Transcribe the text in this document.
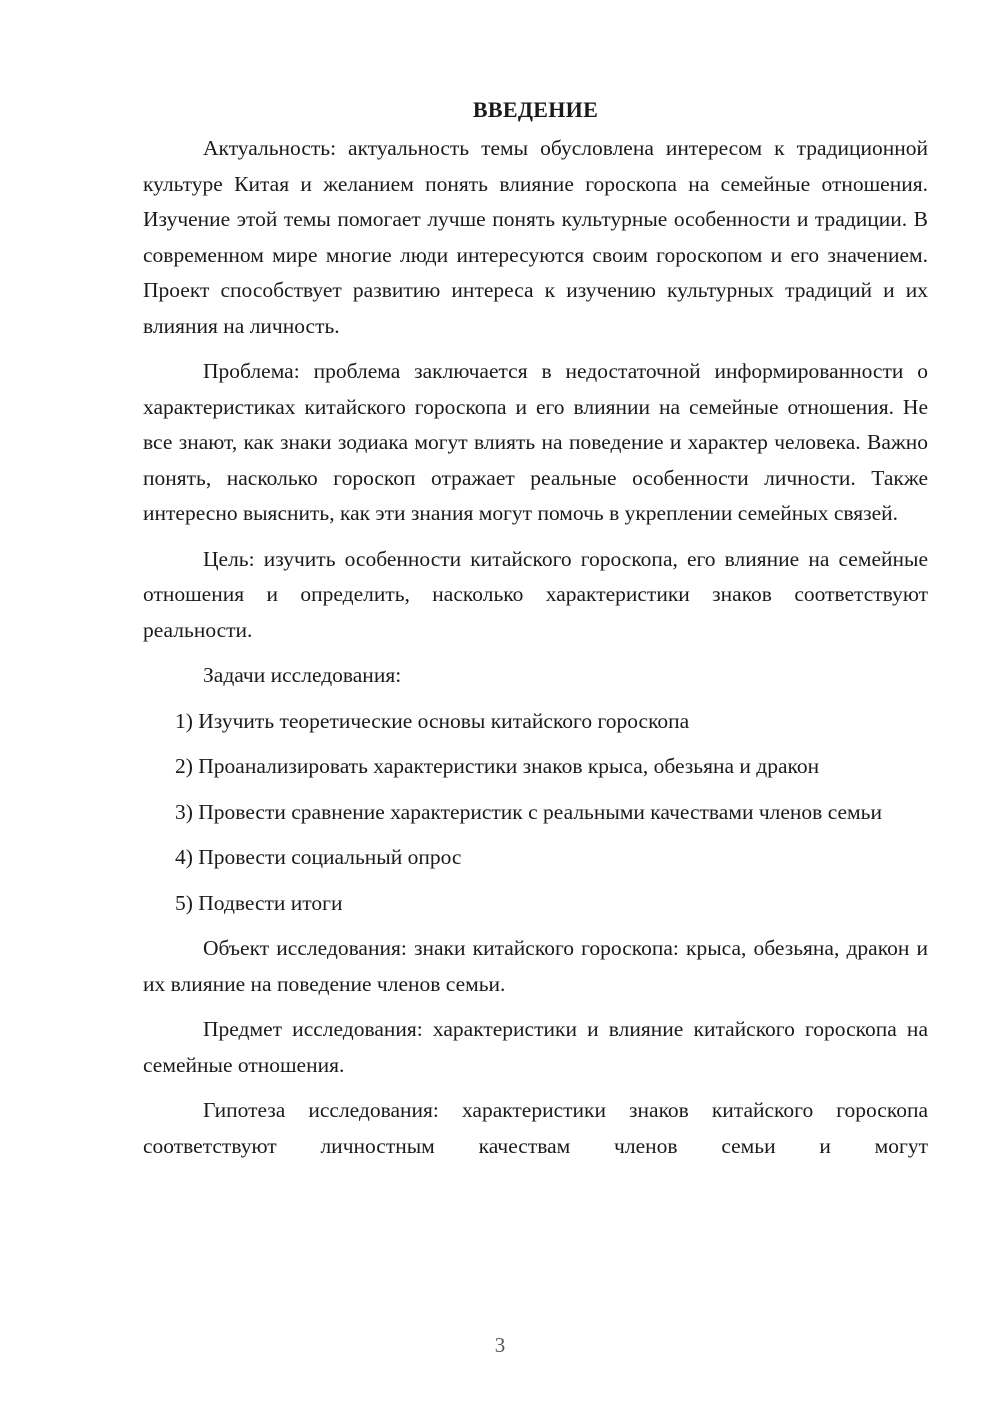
ВВЕДЕНИЕ

Актуальность: актуальность темы обусловлена интересом к традиционной культуре Китая и желанием понять влияние гороскопа на семейные отношения. Изучение этой темы помогает лучше понять культурные особенности и традиции. В современном мире многие люди интересуются своим гороскопом и его значением. Проект способствует развитию интереса к изучению культурных традиций и их влияния на личность.

Проблема: проблема заключается в недостаточной информированности о характеристиках китайского гороскопа и его влиянии на семейные отношения. Не все знают, как знаки зодиака могут влиять на поведение и характер человека. Важно понять, насколько гороскоп отражает реальные особенности личности. Также интересно выяснить, как эти знания могут помочь в укреплении семейных связей.

Цель: изучить особенности китайского гороскопа, его влияние на семейные отношения и определить, насколько характеристики знаков соответствуют реальности.

Задачи исследования:

1) Изучить теоретические основы китайского гороскопа

2) Проанализировать характеристики знаков крыса, обезьяна и дракон

3) Провести сравнение характеристик с реальными качествами членов семьи

4) Провести социальный опрос

5) Подвести итоги

Объект исследования: знаки китайского гороскопа: крыса, обезьяна, дракон и их влияние на поведение членов семьи.

Предмет исследования: характеристики и влияние китайского гороскопа на семейные отношения.

Гипотеза исследования: характеристики знаков китайского гороскопа соответствуют личностным качествам членов семьи и могут

3
